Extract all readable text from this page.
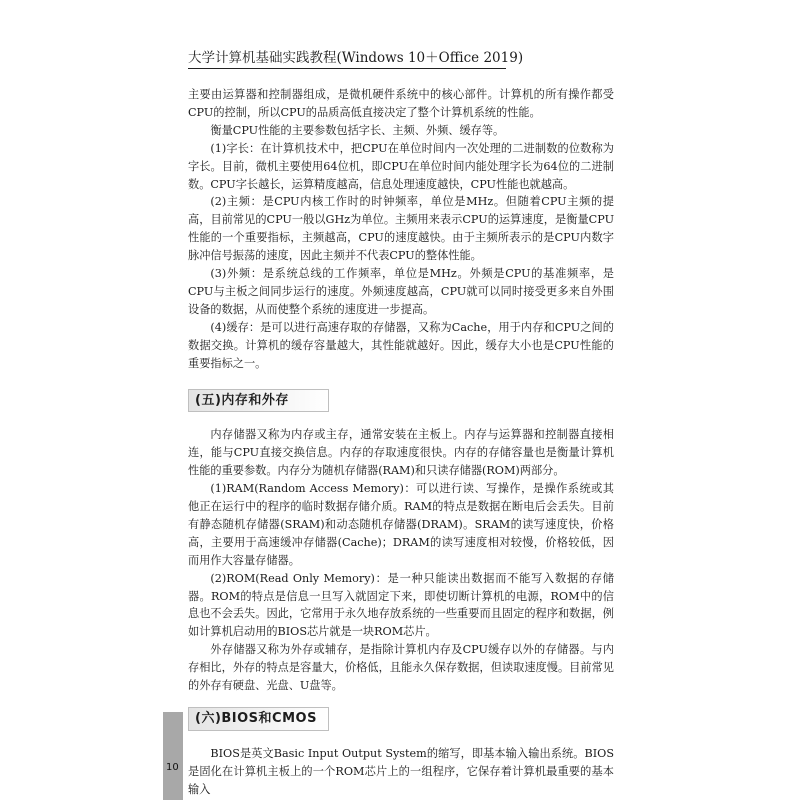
大学计算机基础实践教程(Windows 10＋Office 2019)

主要由运算器和控制器组成，是微机硬件系统中的核心部件。计算机的所有操作都受CPU的控制，所以CPU的品质高低直接决定了整个计算机系统的性能。

衡量CPU性能的主要参数包括字长、主频、外频、缓存等。

(1)字长：在计算机技术中，把CPU在单位时间内一次处理的二进制数的位数称为字长。目前，微机主要使用64位机，即CPU在单位时间内能处理字长为64位的二进制数。CPU字长越长，运算精度越高，信息处理速度越快，CPU性能也就越高。

(2)主频：是CPU内核工作时的时钟频率，单位是MHz。但随着CPU主频的提高，目前常见的CPU一般以GHz为单位。主频用来表示CPU的运算速度，是衡量CPU性能的一个重要指标，主频越高，CPU的速度越快。由于主频所表示的是CPU内数字脉冲信号振荡的速度，因此主频并不代表CPU的整体性能。

(3)外频：是系统总线的工作频率，单位是MHz。外频是CPU的基准频率，是CPU与主板之间同步运行的速度。外频速度越高，CPU就可以同时接受更多来自外围设备的数据，从而使整个系统的速度进一步提高。

(4)缓存：是可以进行高速存取的存储器，又称为Cache，用于内存和CPU之间的数据交换。计算机的缓存容量越大，其性能就越好。因此，缓存大小也是CPU性能的重要指标之一。

(五)内存和外存

内存储器又称为内存或主存，通常安装在主板上。内存与运算器和控制器直接相连，能与CPU直接交换信息。内存的存取速度很快。内存的存储容量也是衡量计算机性能的重要参数。内存分为随机存储器(RAM)和只读存储器(ROM)两部分。

(1)RAM(Random Access Memory)：可以进行读、写操作，是操作系统或其他正在运行中的程序的临时数据存储介质。RAM的特点是数据在断电后会丢失。目前有静态随机存储器(SRAM)和动态随机存储器(DRAM)。SRAM的读写速度快，价格高，主要用于高速缓冲存储器(Cache)；DRAM的读写速度相对较慢，价格较低，因而用作大容量存储器。

(2)ROM(Read Only Memory)：是一种只能读出数据而不能写入数据的存储器。ROM的特点是信息一旦写入就固定下来，即使切断计算机的电源，ROM中的信息也不会丢失。因此，它常用于永久地存放系统的一些重要而且固定的程序和数据，例如计算机启动用的BIOS芯片就是一块ROM芯片。

外存储器又称为外存或辅存，是指除计算机内存及CPU缓存以外的存储器。与内存相比，外存的特点是容量大，价格低，且能永久保存数据，但读取速度慢。目前常见的外存有硬盘、光盘、U盘等。

(六)BIOS和CMOS

BIOS是英文Basic Input Output System的缩写，即基本输入输出系统。BIOS是固化在计算机主板上的一个ROM芯片上的一组程序，它保存着计算机最重要的基本输入

10
